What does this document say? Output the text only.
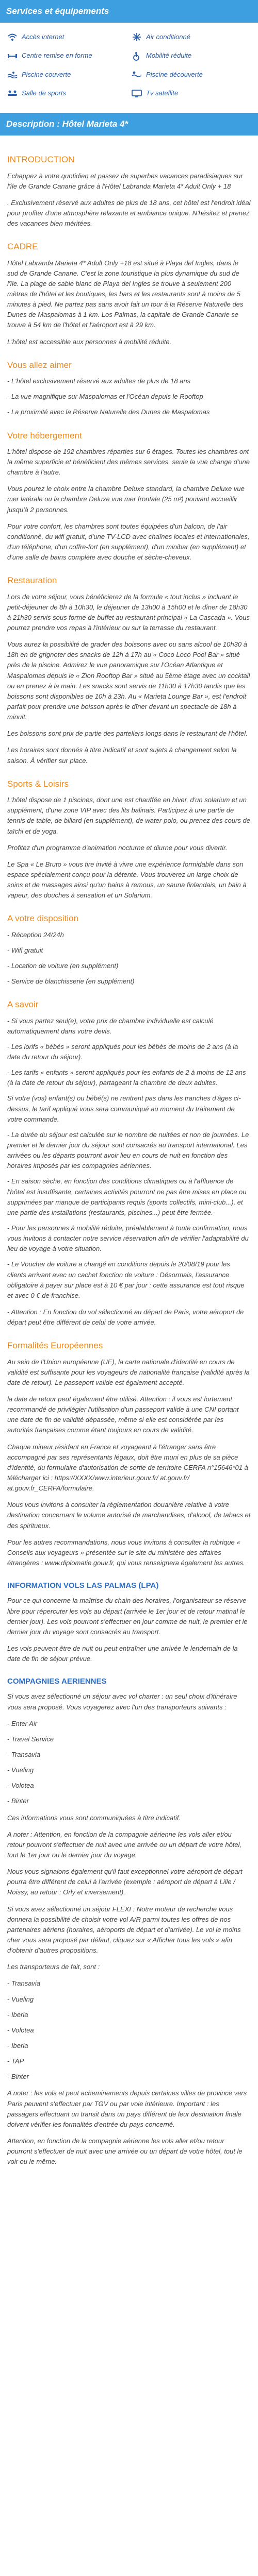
Services et équipements
Accès internet	Air conditionné
Centre remise en forme	Mobilité réduite
Piscine couverte	Piscine découverte
Salle de sports	Tv satellite
Description : Hôtel Marieta 4*
INTRODUCTION

Echappez à votre quotidien et passez de superbes vacances paradisiaques sur l'île de Grande Canarie grâce à l'Hôtel Labranda Marieta 4* Adult Only + 18

. Exclusivement réservé aux adultes de plus de 18 ans, cet hôtel est l'endroit idéal pour profiter d'une atmosphère relaxante et ambiance unique. N'hésitez et prenez des vacances bien méritées.

CADRE

Hôtel Labranda Marieta 4* Adult Only +18 est situé à Playa del Ingles, dans le sud de Grande Canarie. C'est la zone touristique la plus dynamique du sud de l'île. La plage de sable blanc de Playa del Ingles se trouve à seulement 200 mètres de l'hôtel et les boutiques, les bars et les restaurants sont à moins de 5 minutes à pied. Ne partez pas sans avoir fait un tour à la Réserve Naturelle des Dunes de Maspalomas à 1 km. Los Palmas, la capitale de Grande Canarie se trouve à 54 km de l'hôtel et l'aéroport est à 29 km.

L'hôtel est accessible aux personnes à mobilité réduite.

Vous allez aimer
- L'hôtel exclusivement réservé aux adultes de plus de 18 ans
- La vue magnifique sur Maspalomas et l'Océan depuis le Rooftop
- La proximité avec la Réserve Naturelle des Dunes de Maspalomas
Votre hébergement

L'hôtel dispose de 192 chambres réparties sur 6 étages. Toutes les chambres ont la même superficie et bénéficient des mêmes services, seule la vue change d'une chambre à l'autre.

Vous pourez le choix entre la chambre Deluxe standard, la chambre Deluxe vue mer latérale ou la chambre Deluxe vue mer frontale (25 m²) pouvant accueillir jusqu'à 2 personnes.

Pour votre confort, les chambres sont toutes équipées d'un balcon, de l'air conditionné, du wifi gratuit, d'une TV-LCD avec chaînes locales et internationales, d'un téléphone, d'un coffre-fort (en supplément), d'un minibar (en supplément) et d'une salle de bains complète avec douche et sèche-cheveux.

Restauration

Lors de votre séjour, vous bénéficierez de la formule « tout inclus » incluant le petit-déjeuner de 8h à 10h30, le déjeuner de 13h00 à 15h00 et le dîner de 18h30 à 21h30 servis sous forme de buffet au restaurant principal « La Cascada ». Vous pourrez prendre vos repas à l'intérieur ou sur la terrasse du restaurant.

Vous aurez la possibilité de grader des boissons avec ou sans alcool de 10h30 à 18h en de grignoter des snacks de 12h à 17h au « Coco Loco Pool Bar » situé près de la piscine. Admirez le vue panoramique sur l'Océan Atlantique et Maspalomas depuis le « Zion Rooftop Bar » situé au 5ème étage avec un cocktail ou en prenez à la main. Les snacks sont servis de 11h30 à 17h30 tandis que les boissons sont disponibles de 10h à 23h. Au « Marieta Lounge Bar », est l'endroit parfait pour prendre une boisson après le dîner devant un spectacle de 18h à minuit.

Les boissons sont prix de partie des parteliers longs dans le restaurant de l'hôtel.

Les horaires sont donnés à titre indicatif et sont sujets à changement selon la saison. À vérifier sur place.

Sports & Loisirs

L'hôtel dispose de 1 piscines, dont une est chauffée en hiver, d'un solarium et un supplément, d'une zone VIP avec des lits balinais. Participez à une partie de tennis de table, de billard (en supplément), de water-polo, ou prenez des cours de taïchi et de yoga.

Profitez d'un programme d'animation nocturne et diurne pour vous divertir.

Le Spa « Le Bruto » vous tire invité à vivre une expérience formidable dans son espace spécialement conçu pour la détente. Vous trouverez un large choix de soins et de massages ainsi qu'un bains à remous, un sauna finlandais, un bain à vapeur, des douches à sensation et un Solarium.

A votre disposition
- Réception 24/24h
- Wifi gratuit
- Location de voiture (en supplément)
- Service de blanchisserie (en supplément)
A savoir
- Si vous partez seul(e), votre prix de chambre individuelle est calculé automatiquement dans votre devis.
- Les lorifs « bébés » seront appliqués pour les bébés de moins de 2 ans (à la date du retour du séjour).
- Les tarifs « enfants » seront appliqués pour les enfants de 2 à moins de 12 ans (à la date de retour du séjour), partageant la chambre de deux adultes.
Si votre (vos) enfant(s) ou bébé(s) ne rentrent pas dans les tranches d'âges ci-dessus, le tarif appliqué vous sera communiqué au moment du traitement de votre commande.
- La durée du séjour est calculée sur le nombre de nuitées et non de journées. Le premier et le dernier jour du séjour sont consacrés au transport international. Les arrivées ou les départs pourront avoir lieu en cours de nuit en fonction des horaires imposés par les compagnies aériennes.
- En saison sèche, en fonction des conditions climatiques ou à l'affluence de l'hôtel est insuffisante, certaines activités pourront ne pas être mises en place ou supprimées par manque de participants requis (sports collectifs, mini-club...), et une partie des installations (restaurants, piscines...) peut être fermée.
- Pour les personnes à mobilité réduite, préalablement à toute confirmation, nous vous invitons à contacter notre service réservation afin de vérifier l'adaptabilité du lieu de voyage à votre situation.
- Le Voucher de voiture a changé en conditions depuis le 20/08/19 pour les clients arrivant avec un cachet fonction de voiture : Désormais, l'assurance obligatoire à payer sur place est à 10 € par jour : cette assurance est tout risque et avec 0 € de franchise.

- Attention : En fonction du vol sélectionné au départ de Paris, votre aéroport de départ peut être différent de celui de votre arrivée.

Formalités Européennes

Au sein de l'Union européenne (UE), la carte nationale d'identité en cours de validité est suffisante pour les voyageurs de nationalité française (validité après la date de retour). Le passeport valide est également accepté.

la date de retour peut également être utilisé. Attention : il vous est fortement recommandé de privilégier l'utilisation d'un passeport valide à une CNI portant une date de fin de validité dépassée, même si elle est considérée par les autorités françaises comme étant toujours en cours de validité.

Chaque mineur résidant en France et voyageant à l'étranger sans être accompagné par ses représentants légaux, doit être muni en plus de sa pièce d'identité, du formulaire d'autorisation de sortie de territoire CERFA n°15646*01 à télécharger ici : https://XXXX/www.interieur.gouv.fr/ at.gouv.fr/ at.gouv.fr_CERFA/formulaire.

Nous vous invitons à consulter la réglementation douanière relative à votre destination concernant le volume autorisé de marchandises, d'alcool, de tabacs et des spiritueux.

Pour les autres recommandations, nous vous invitons à consulter la rubrique « Conseils aux voyageurs » présentée sur le site du ministère des affaires étrangères : www.diplomatie.gouv.fr, qui vous renseignera également les autres.

INFORMATION VOLS LAS PALMAS (LPA)

Pour ce qui concerne la maîtrise du chain des horaires, l'organisateur se réserve libre pour répercuter les vols au départ (arrivée le 1er jour et de retour matinal le dernier jour). Les vols pourront s'effectuer en jour comme de nuit, le premier et le dernier jour du voyage sont consacrés au transport.

Les vols peuvent être de nuit ou peut entraîner une arrivée le lendemain de la date de fin de séjour prévue.

COMPAGNIES AERIENNES

Si vous avez sélectionné un séjour avec vol charter : un seul choix d'itinéraire vous sera proposé. Vous voyagerez avec l'un des transporteurs suivants :

- Enter Air
- Travel Service
- Transavia
- Vueling
- Volotea
- Binter

Ces informations vous sont communiquées à titre indicatif.

A noter : Attention, en fonction de la compagnie aérienne les vols aller et/ou retour pourront s'effectuer de nuit avec une arrivée ou un départ de votre hôtel, tout le 1er jour ou le dernier jour du voyage.

Nous vous signalons également qu'il faut exceptionnel votre aéroport de départ pourra être différent de celui à l'arrivée (exemple : aéroport de départ à Lille / Roissy, au retour : Orly et inversement).

Si vous avez sélectionné un séjour FLEXI : Notre moteur de recherche vous donnera la possibilité de choisir votre vol A/R parmi toutes les offres de nos partenaires aériens (horaires, aéroports de départ et d'arrivée). Le vol le moins cher vous sera proposé par défaut, cliquez sur « Afficher tous les vols » afin d'obtenir d'autres propositions.

Les transporteurs de fait, sont :

- Transavia
- Vueling
- Iberia
- Volotea
- Iberia
- TAP
- Binter

A noter : les vols et peut acheminements depuis certaines villes de province vers Paris peuvent s'effectuer par TGV ou par voie intérieure. Important : les passagers effectuant un transit dans un pays différent de leur destination finale doivent vérifier les formalités d'entrée du pays concerné.

Attention, en fonction de la compagnie aérienne les vols aller et/ou retour pourront s'effectuer de nuit avec une arrivée ou un départ de votre hôtel, tout le voir ou le même.
